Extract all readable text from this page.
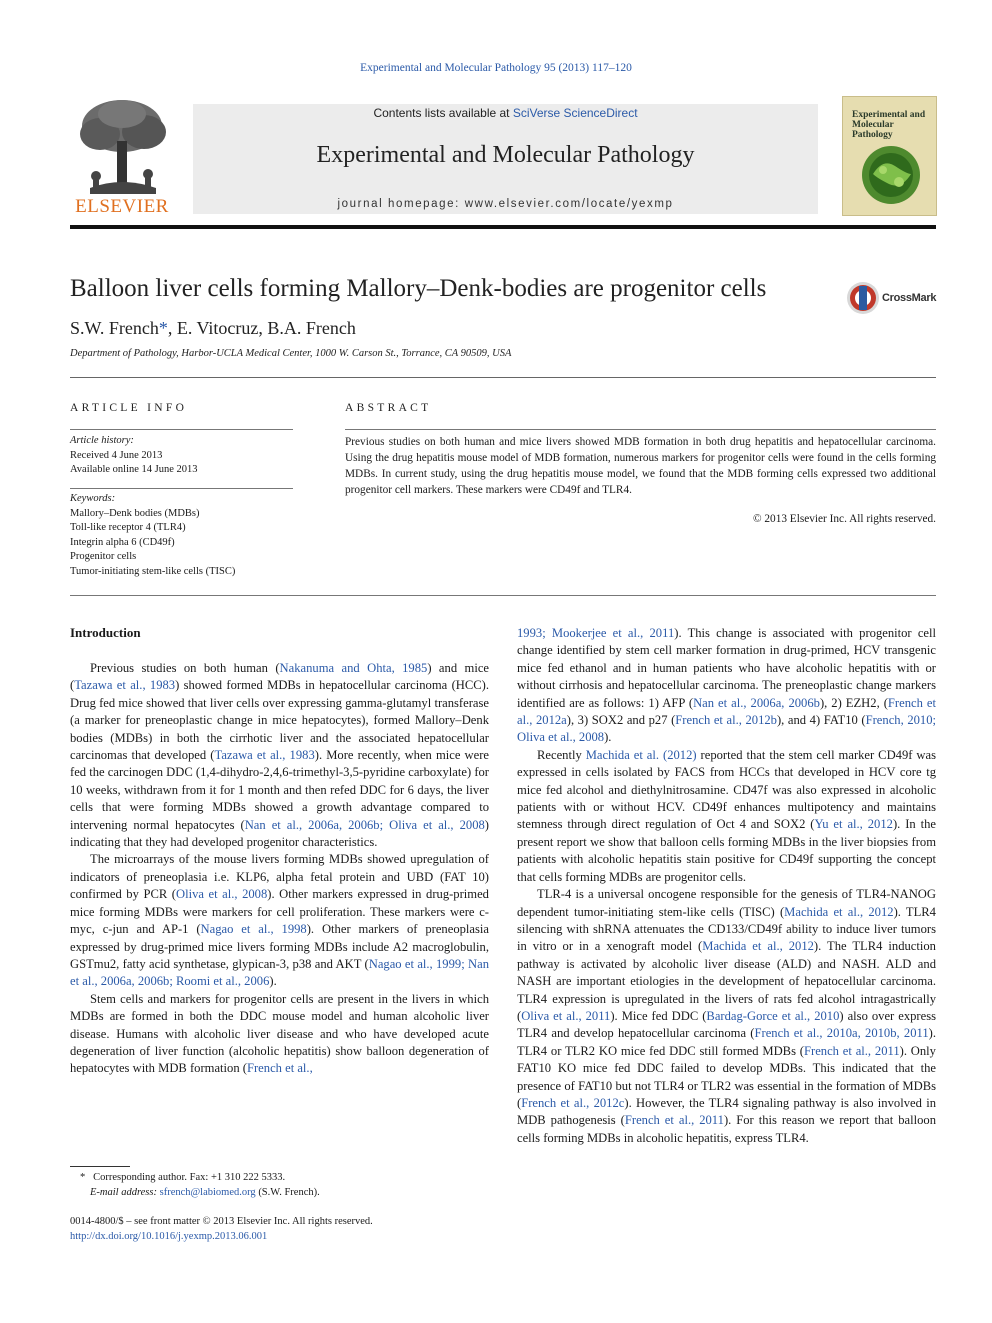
Experimental and Molecular Pathology 95 (2013) 117–120
ELSEVIER
Contents lists available at SciVerse ScienceDirect
Experimental and Molecular Pathology
journal homepage: www.elsevier.com/locate/yexmp
Experimental and Molecular Pathology
Balloon liver cells forming Mallory–Denk-bodies are progenitor cells	CrossMark
S.W. French*, E. Vitocruz, B.A. French
Department of Pathology, Harbor-UCLA Medical Center, 1000 W. Carson St., Torrance, CA 90509, USA
ARTICLE INFO
Article history:
Received 4 June 2013
Available online 14 June 2013
Keywords:
Mallory–Denk bodies (MDBs)
Toll-like receptor 4 (TLR4)
Integrin alpha 6 (CD49f)
Progenitor cells
Tumor-initiating stem-like cells (TISC)
ABSTRACT
Previous studies on both human and mice livers showed MDB formation in both drug hepatitis and hepatocellular carcinoma. Using the drug hepatitis mouse model of MDB formation, numerous markers for progenitor cells were found in the cells forming MDBs. In current study, using the drug hepatitis mouse model, we found that the MDB forming cells expressed two additional progenitor cell markers. These markers were CD49f and TLR4.
© 2013 Elsevier Inc. All rights reserved.
Introduction

Previous studies on both human (Nakanuma and Ohta, 1985) and mice (Tazawa et al., 1983) showed formed MDBs in hepatocellular carcinoma (HCC). Drug fed mice showed that liver cells over expressing gamma-glutamyl transferase (a marker for preneoplastic change in mice hepatocytes), formed Mallory–Denk bodies (MDBs) in both the cirrhotic liver and the associated hepatocellular carcinomas that developed (Tazawa et al., 1983). More recently, when mice were fed the carcinogen DDC (1,4-dihydro-2,4,6-trimethyl-3,5-pyridine carboxylate) for 10 weeks, withdrawn from it for 1 month and then refed DDC for 6 days, the liver cells that were forming MDBs showed a growth advantage compared to intervening normal hepatocytes (Nan et al., 2006a, 2006b; Oliva et al., 2008) indicating that they had developed progenitor characteristics.

The microarrays of the mouse livers forming MDBs showed upregulation of indicators of preneoplasia i.e. KLP6, alpha fetal protein and UBD (FAT 10) confirmed by PCR (Oliva et al., 2008). Other markers expressed in drug-primed mice forming MDBs were markers for cell proliferation. These markers were c-myc, c-jun and AP-1 (Nagao et al., 1998). Other markers of preneoplasia expressed by drug-primed mice livers forming MDBs include A2 macroglobulin, GSTmu2, fatty acid synthetase, glypican-3, p38 and AKT (Nagao et al., 1999; Nan et al., 2006a, 2006b; Roomi et al., 2006).

Stem cells and markers for progenitor cells are present in the livers in which MDBs are formed in both the DDC mouse model and human alcoholic liver disease. Humans with alcoholic liver disease and who have developed acute degeneration of liver function (alcoholic hepatitis) show balloon degeneration of hepatocytes with MDB formation (French et al.,

1993; Mookerjee et al., 2011). This change is associated with progenitor cell change identified by stem cell marker formation in drug-primed, HCV transgenic mice fed ethanol and in human patients who have alcoholic hepatitis with or without cirrhosis and hepatocellular carcinoma. The preneoplastic change markers identified are as follows: 1) AFP (Nan et al., 2006a, 2006b), 2) EZH2, (French et al., 2012a), 3) SOX2 and p27 (French et al., 2012b), and 4) FAT10 (French, 2010; Oliva et al., 2008).

Recently Machida et al. (2012) reported that the stem cell marker CD49f was expressed in cells isolated by FACS from HCCs that developed in HCV core tg mice fed alcohol and diethylnitrosamine. CD47f was also expressed in alcoholic patients with or without HCV. CD49f enhances multipotency and maintains stemness through direct regulation of Oct 4 and SOX2 (Yu et al., 2012). In the present report we show that balloon cells forming MDBs in the liver biopsies from patients with alcoholic hepatitis stain positive for CD49f supporting the concept that cells forming MDBs are progenitor cells.

TLR-4 is a universal oncogene responsible for the genesis of TLR4-NANOG dependent tumor-initiating stem-like cells (TISC) (Machida et al., 2012). TLR4 silencing with shRNA attenuates the CD133/CD49f ability to induce liver tumors in vitro or in a xenograft model (Machida et al., 2012). The TLR4 induction pathway is activated by alcoholic liver disease (ALD) and NASH. ALD and NASH are important etiologies in the development of hepatocellular carcinoma. TLR4 expression is upregulated in the livers of rats fed alcohol intragastrically (Oliva et al., 2011). Mice fed DDC (Bardag-Gorce et al., 2010) also over express TLR4 and develop hepatocellular carcinoma (French et al., 2010a, 2010b, 2011). TLR4 or TLR2 KO mice fed DDC still formed MDBs (French et al., 2011). Only FAT10 KO mice fed DDC failed to develop MDBs. This indicated that the presence of FAT10 but not TLR4 or TLR2 was essential in the formation of MDBs (French et al., 2012c). However, the TLR4 signaling pathway is also involved in MDB pathogenesis (French et al., 2011). For this reason we report that balloon cells forming MDBs in alcoholic hepatitis, express TLR4.

* Corresponding author. Fax: +1 310 222 5333.
E-mail address: sfrench@labiomed.org (S.W. French).
0014-4800/$ – see front matter © 2013 Elsevier Inc. All rights reserved.
http://dx.doi.org/10.1016/j.yexmp.2013.06.001
